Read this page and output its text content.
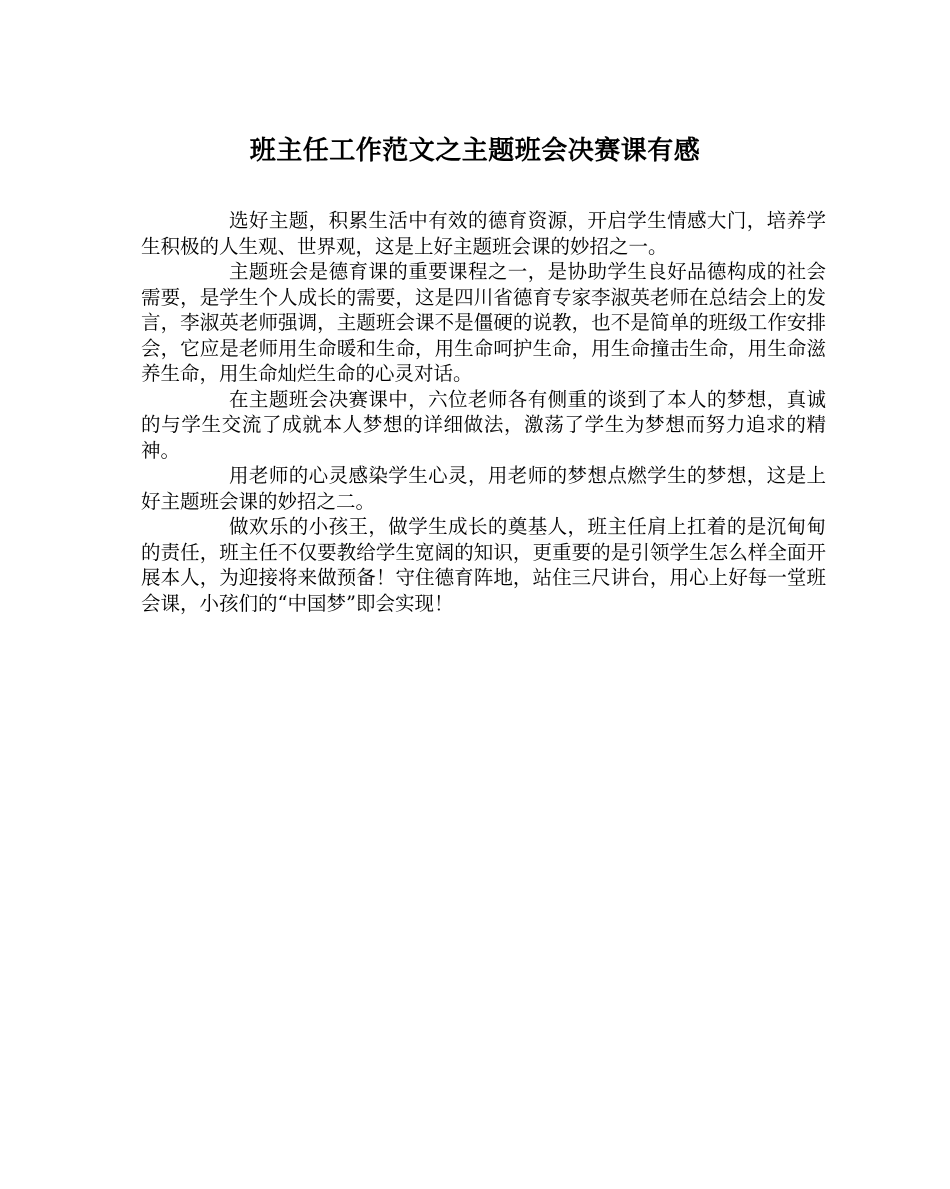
班主任工作范文之主题班会决赛课有感

选好主题，积累生活中有效的德育资源，开启学生情感大门，培养学生积极的人生观、世界观，这是上好主题班会课的妙招之一。

主题班会是德育课的重要课程之一，是协助学生良好品德构成的社会需要，是学生个人成长的需要，这是四川省德育专家李淑英老师在总结会上的发言，李淑英老师强调，主题班会课不是僵硬的说教，也不是简单的班级工作安排会，它应是老师用生命暖和生命，用生命呵护生命，用生命撞击生命，用生命滋养生命，用生命灿烂生命的心灵对话。

在主题班会决赛课中，六位老师各有侧重的谈到了本人的梦想，真诚的与学生交流了成就本人梦想的详细做法，激荡了学生为梦想而努力追求的精神。

用老师的心灵感染学生心灵，用老师的梦想点燃学生的梦想，这是上好主题班会课的妙招之二。

做欢乐的小孩王，做学生成长的奠基人，班主任肩上扛着的是沉甸甸的责任，班主任不仅要教给学生宽阔的知识，更重要的是引领学生怎么样全面开展本人，为迎接将来做预备！守住德育阵地，站住三尺讲台，用心上好每一堂班会课，小孩们的“中国梦”即会实现！
